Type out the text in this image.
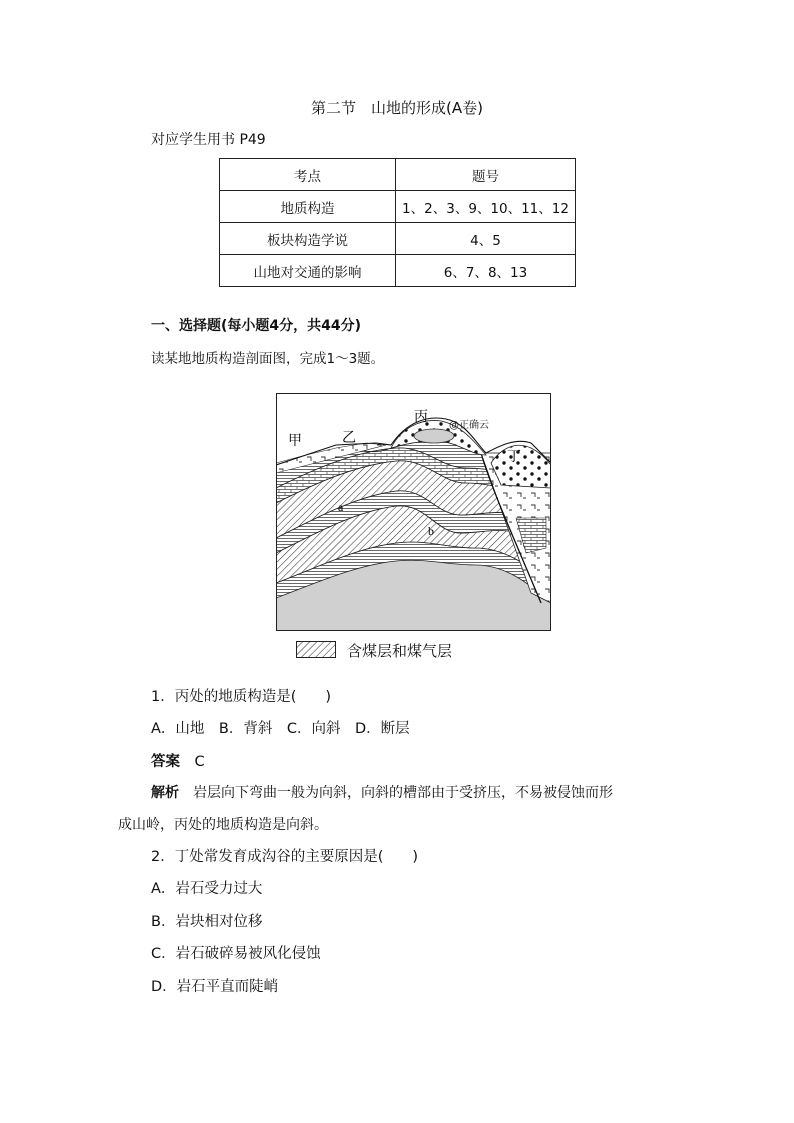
第二节　山地的形成(A卷)
对应学生用书 P49
考点	题号
地质构造	1、2、3、9、10、11、12
板块构造学说	4、5
山地对交通的影响	6、7、8、13
一、选择题(每小题4分，共44分)
读某地地质构造剖面图，完成1～3题。
甲	乙
丙
丁
a
b
@正确云
含煤层和煤气层
1．丙处的地质构造是(　　)
A．山地　B．背斜　C．向斜　D．断层
答案　 C
解析　 岩层向下弯曲一般为向斜，向斜的槽部由于受挤压，不易被侵蚀而形
成山岭，丙处的地质构造是向斜。
2．丁处常发育成沟谷的主要原因是(　　)
A．岩石受力过大
B．岩块相对位移
C．岩石破碎易被风化侵蚀
D．岩石平直而陡峭
